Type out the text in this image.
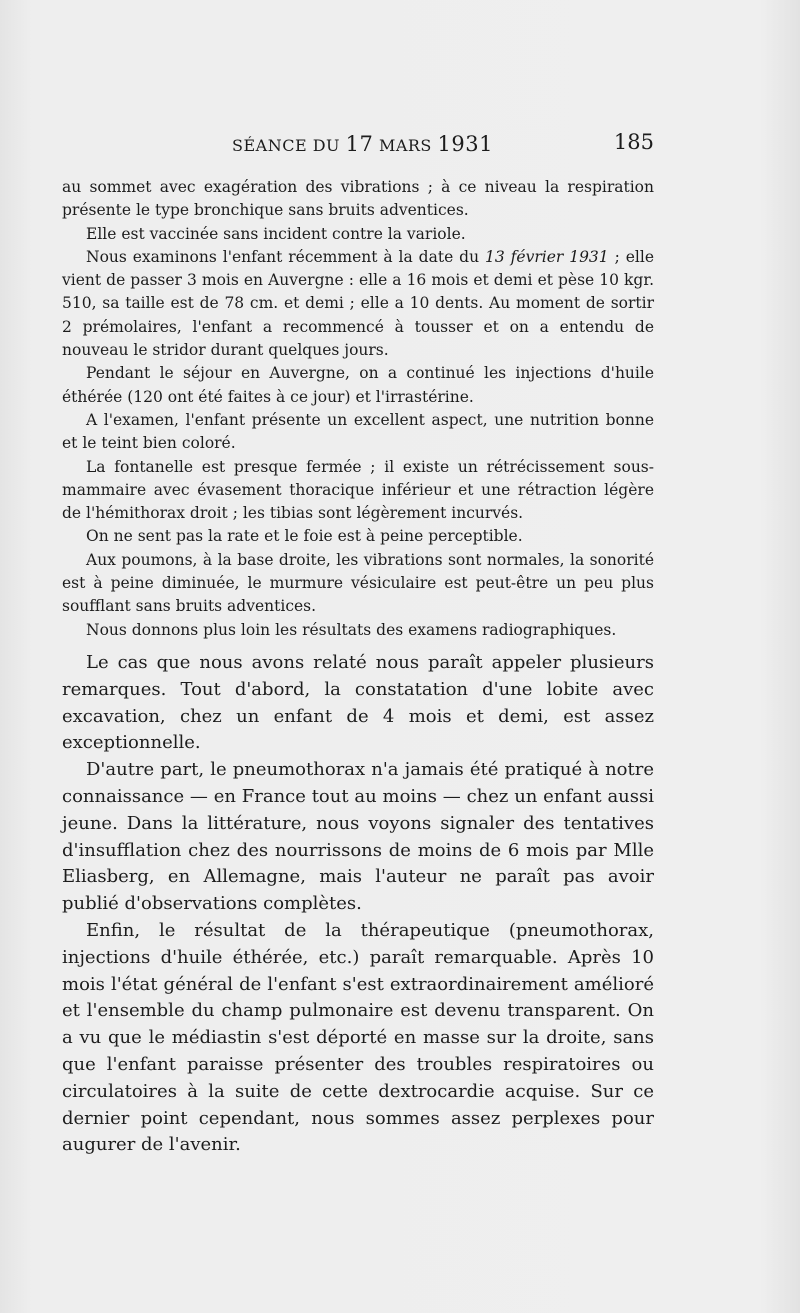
SÉANCE DU 17 MARS 1931	185

au sommet avec exagération des vibrations ; à ce niveau la respiration présente le type bronchique sans bruits adventices.

Elle est vaccinée sans incident contre la variole.

Nous examinons l'enfant récemment à la date du 13 février 1931 ; elle vient de passer 3 mois en Auvergne : elle a 16 mois et demi et pèse 10 kgr. 510, sa taille est de 78 cm. et demi ; elle a 10 dents. Au moment de sortir 2 prémolaires, l'enfant a recommencé à tousser et on a entendu de nouveau le stridor durant quelques jours.

Pendant le séjour en Auvergne, on a continué les injections d'huile éthérée (120 ont été faites à ce jour) et l'irrastérine.

A l'examen, l'enfant présente un excellent aspect, une nutrition bonne et le teint bien coloré.

La fontanelle est presque fermée ; il existe un rétrécissement sous-mammaire avec évasement thoracique inférieur et une rétraction légère de l'hémithorax droit ; les tibias sont légèrement incurvés.

On ne sent pas la rate et le foie est à peine perceptible.

Aux poumons, à la base droite, les vibrations sont normales, la sonorité est à peine diminuée, le murmure vésiculaire est peut-être un peu plus soufflant sans bruits adventices.

Nous donnons plus loin les résultats des examens radiographiques.

Le cas que nous avons relaté nous paraît appeler plusieurs remarques. Tout d'abord, la constatation d'une lobite avec excavation, chez un enfant de 4 mois et demi, est assez exceptionnelle.

D'autre part, le pneumothorax n'a jamais été pratiqué à notre connaissance — en France tout au moins — chez un enfant aussi jeune. Dans la littérature, nous voyons signaler des tentatives d'insufflation chez des nourrissons de moins de 6 mois par Mlle Eliasberg, en Allemagne, mais l'auteur ne paraît pas avoir publié d'observations complètes.

Enfin, le résultat de la thérapeutique (pneumothorax, injections d'huile éthérée, etc.) paraît remarquable. Après 10 mois l'état général de l'enfant s'est extraordinairement amélioré et l'ensemble du champ pulmonaire est devenu transparent. On a vu que le médiastin s'est déporté en masse sur la droite, sans que l'enfant paraisse présenter des troubles respiratoires ou circulatoires à la suite de cette dextrocardie acquise. Sur ce dernier point cependant, nous sommes assez perplexes pour augurer de l'avenir.
